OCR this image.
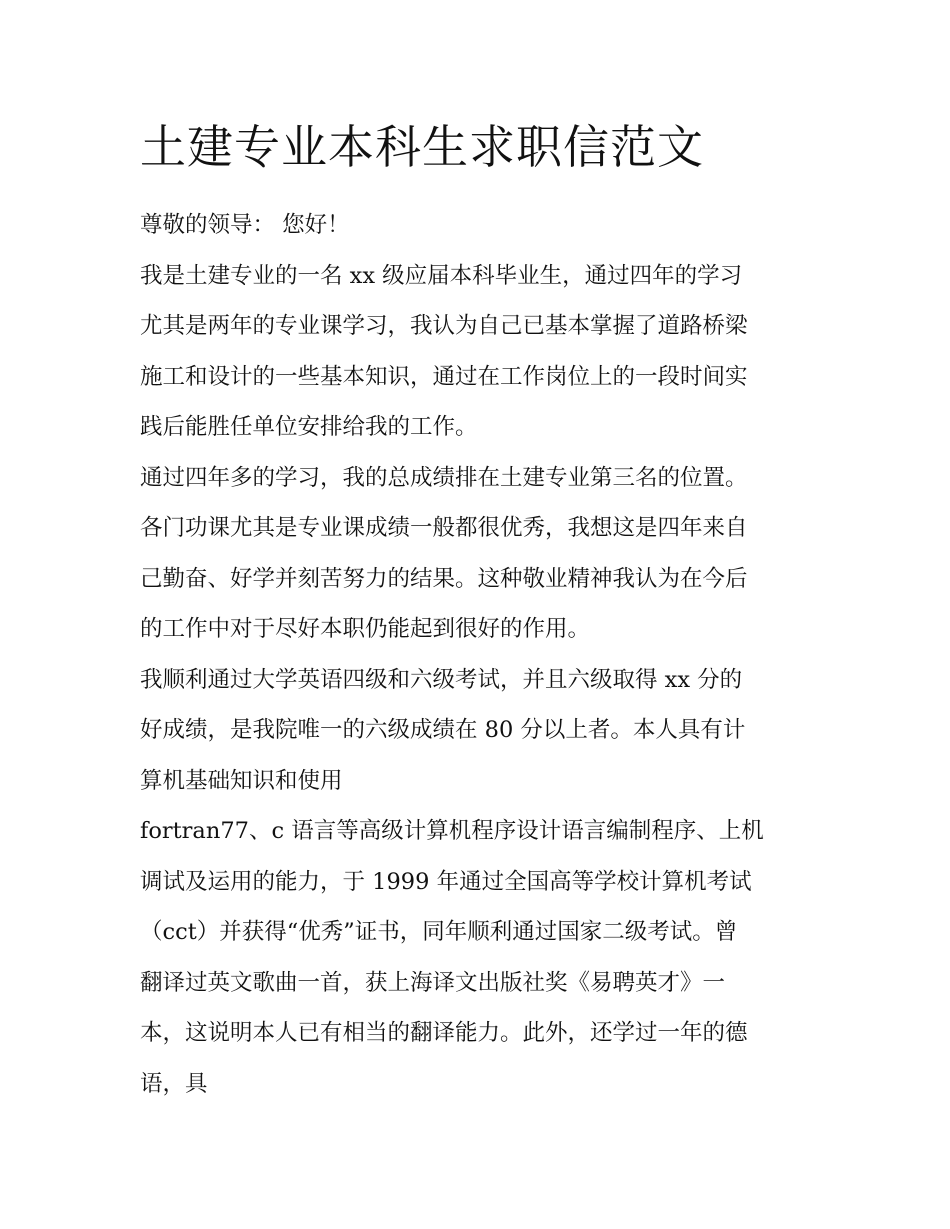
土建专业本科生求职信范文

尊敬的领导： 您好！

我是土建专业的一名 xx 级应届本科毕业生，通过四年的学习
尤其是两年的专业课学习，我认为自己已基本掌握了道路桥梁
施工和设计的一些基本知识，通过在工作岗位上的一段时间实
践后能胜任单位安排给我的工作。

通过四年多的学习，我的总成绩排在土建专业第三名的位置。
各门功课尤其是专业课成绩一般都很优秀，我想这是四年来自
己勤奋、好学并刻苦努力的结果。这种敬业精神我认为在今后
的工作中对于尽好本职仍能起到很好的作用。

我顺利通过大学英语四级和六级考试，并且六级取得 xx 分的
好成绩，是我院唯一的六级成绩在 80 分以上者。本人具有计
算机基础知识和使用

fortran77、c 语言等高级计算机程序设计语言编制程序、上机
调试及运用的能力，于 1999 年通过全国高等学校计算机考试
（cct）并获得“优秀”证书，同年顺利通过国家二级考试。曾
翻译过英文歌曲一首，获上海译文出版社奖《易聘英才》一
本，这说明本人已有相当的翻译能力。此外，还学过一年的德
语，具
